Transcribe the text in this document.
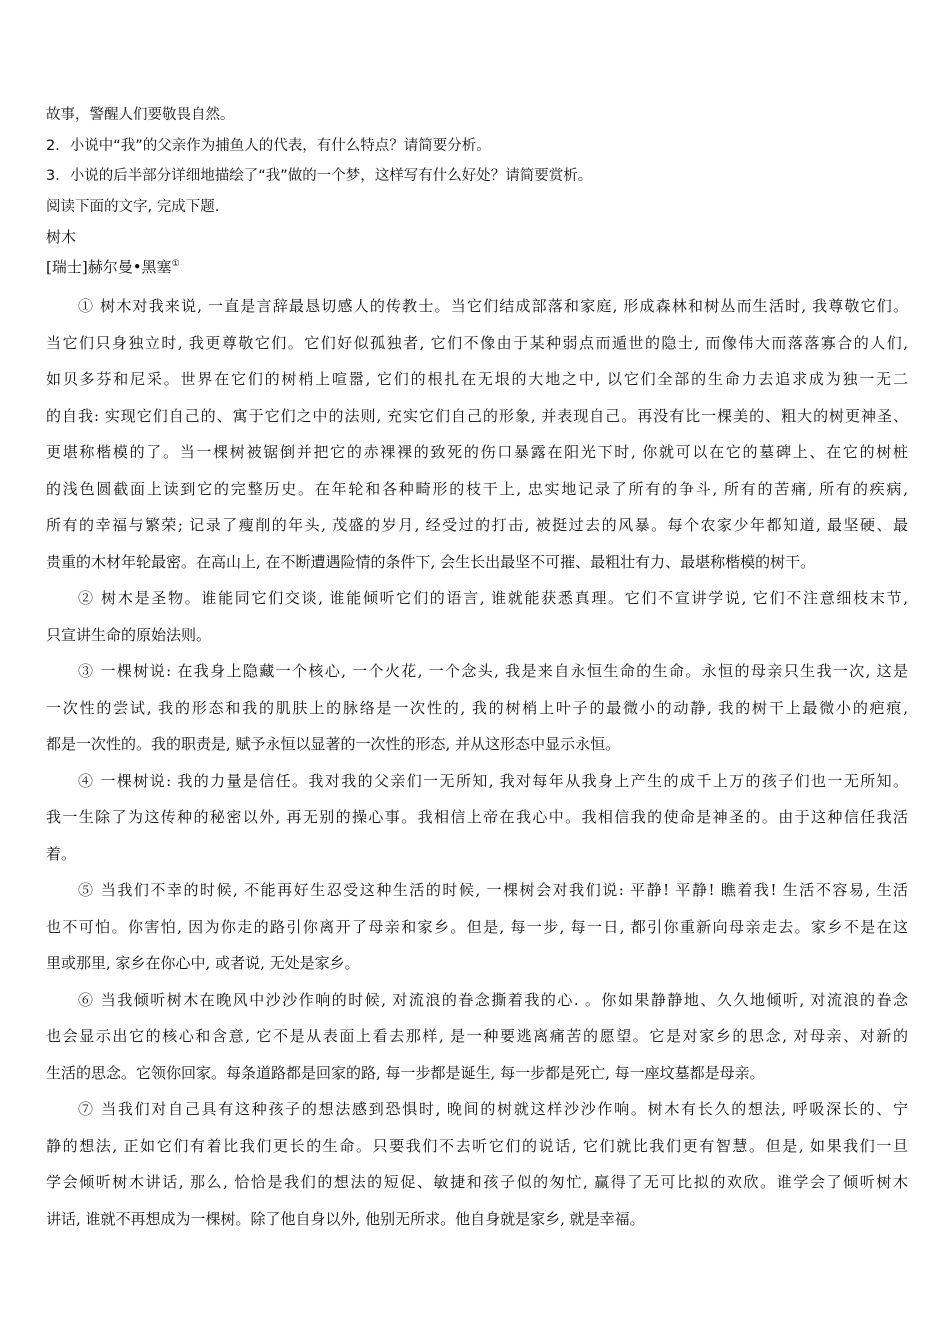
故事，警醒人们要敬畏自然。
2．小说中“我”的父亲作为捕鱼人的代表，有什么特点？请简要分析。
3．小说的后半部分详细地描绘了“我”做的一个梦，这样写有什么好处？请简要赏析。
阅读下面的文字, 完成下题.
树木
[瑞士]赫尔曼•黑塞①
① 树木对我来说, 一直是言辞最恳切感人的传教士。当它们结成部落和家庭, 形成森林和树丛而生活时, 我尊敬它们。
当它们只身独立时, 我更尊敬它们。它们好似孤独者, 它们不像由于某种弱点而遁世的隐士, 而像伟大而落落寡合的人们,
如贝多芬和尼采。世界在它们的树梢上喧嚣, 它们的根扎在无垠的大地之中, 以它们全部的生命力去追求成为独一无二
的自我: 实现它们自己的、寓于它们之中的法则, 充实它们自己的形象, 并表现自己。再没有比一棵美的、粗大的树更神圣、
更堪称楷模的了。当一棵树被锯倒并把它的赤裸裸的致死的伤口暴露在阳光下时, 你就可以在它的墓碑上、在它的树桩
的浅色圆截面上读到它的完整历史。在年轮和各种畸形的枝干上, 忠实地记录了所有的争斗, 所有的苦痛, 所有的疾病,
所有的幸福与繁荣; 记录了瘦削的年头, 茂盛的岁月, 经受过的打击, 被挺过去的风暴。每个农家少年都知道, 最坚硬、最
贵重的木材年轮最密。在高山上, 在不断遭遇险情的条件下, 会生长出最坚不可摧、最粗壮有力、最堪称楷模的树干。
② 树木是圣物。谁能同它们交谈, 谁能倾听它们的语言, 谁就能获悉真理。它们不宣讲学说, 它们不注意细枝末节,
只宣讲生命的原始法则。
③ 一棵树说: 在我身上隐藏一个核心, 一个火花, 一个念头, 我是来自永恒生命的生命。永恒的母亲只生我一次, 这是
一次性的尝试, 我的形态和我的肌肤上的脉络是一次性的, 我的树梢上叶子的最微小的动静, 我的树干上最微小的疤痕,
都是一次性的。我的职责是, 赋予永恒以显著的一次性的形态, 并从这形态中显示永恒。
④ 一棵树说: 我的力量是信任。我对我的父亲们一无所知, 我对每年从我身上产生的成千上万的孩子们也一无所知。
我一生除了为这传种的秘密以外, 再无别的操心事。我相信上帝在我心中。我相信我的使命是神圣的。由于这种信任我活
着。
⑤ 当我们不幸的时候, 不能再好生忍受这种生活的时候, 一棵树会对我们说: 平静! 平静! 瞧着我! 生活不容易, 生活
也不可怕。你害怕, 因为你走的路引你离开了母亲和家乡。但是, 每一步, 每一日, 都引你重新向母亲走去。家乡不是在这
里或那里, 家乡在你心中, 或者说, 无处是家乡。
⑥ 当我倾听树木在晚风中沙沙作响的时候, 对流浪的眷念撕着我的心. 。你如果静静地、久久地倾听, 对流浪的眷念
也会显示出它的核心和含意, 它不是从表面上看去那样, 是一种要逃离痛苦的愿望。它是对家乡的思念, 对母亲、对新的
生活的思念。它领你回家。每条道路都是回家的路, 每一步都是诞生, 每一步都是死亡, 每一座坟墓都是母亲。
⑦ 当我们对自己具有这种孩子的想法感到恐惧时, 晚间的树就这样沙沙作响。树木有长久的想法, 呼吸深长的、宁
静的想法, 正如它们有着比我们更长的生命。只要我们不去听它们的说话, 它们就比我们更有智慧。但是, 如果我们一旦
学会倾听树木讲话, 那么, 恰恰是我们的想法的短促、敏捷和孩子似的匆忙, 赢得了无可比拟的欢欣。谁学会了倾听树木
讲话, 谁就不再想成为一棵树。除了他自身以外, 他别无所求。他自身就是家乡, 就是幸福。
